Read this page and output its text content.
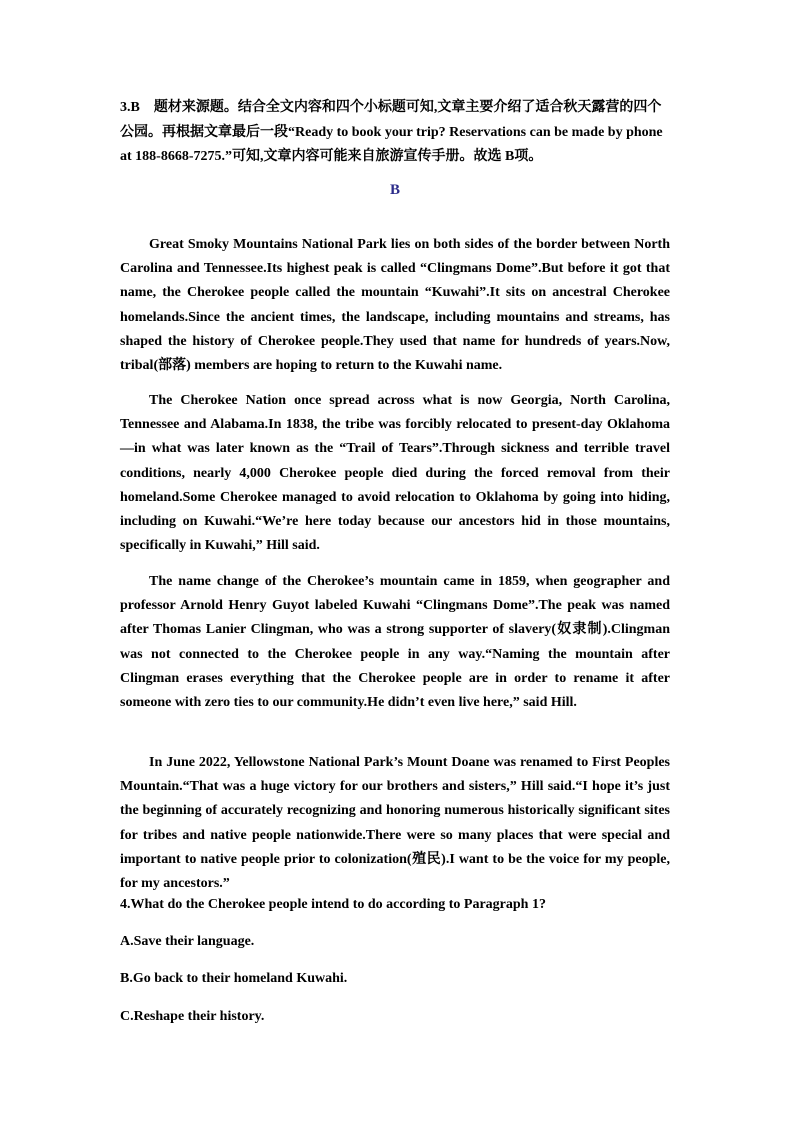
3.B　题材来源题。结合全文内容和四个小标题可知,文章主要介绍了适合秋天露营的四个公园。再根据文章最后一段“Ready to book your trip? Reservations can be made by phone at 188-8668-7275.”可知,文章内容可能来自旅游宣传手册。故选 B项。
B

Great Smoky Mountains National Park lies on both sides of the border between North Carolina and Tennessee.Its highest peak is called “Clingmans Dome”.But before it got that name, the Cherokee people called the mountain “Kuwahi”.It sits on ancestral Cherokee homelands.Since the ancient times, the landscape, including mountains and streams, has shaped the history of Cherokee people.They used that name for hundreds of years.Now, tribal(部落) members are hoping to return to the Kuwahi name.

The Cherokee Nation once spread across what is now Georgia, North Carolina, Tennessee and Alabama.In 1838, the tribe was forcibly relocated to present-day Oklahoma—in what was later known as the “Trail of Tears”.Through sickness and terrible travel conditions, nearly 4,000 Cherokee people died during the forced removal from their homeland.Some Cherokee managed to avoid relocation to Oklahoma by going into hiding, including on Kuwahi.“We’re here today because our ancestors hid in those mountains, specifically in Kuwahi,” Hill said.

The name change of the Cherokee’s mountain came in 1859, when geographer and professor Arnold Henry Guyot labeled Kuwahi “Clingmans Dome”.The peak was named after Thomas Lanier Clingman, who was a strong supporter of slavery(奴隶制).Clingman was not connected to the Cherokee people in any way.“Naming the mountain after Clingman erases everything that the Cherokee people are in order to rename it after someone with zero ties to our community.He didn’t even live here,” said Hill.

In June 2022, Yellowstone National Park’s Mount Doane was renamed to First Peoples Mountain.“That was a huge victory for our brothers and sisters,” Hill said.“I hope it’s just the beginning of accurately recognizing and honoring numerous historically significant sites for tribes and native people nationwide.There were so many places that were special and important to native people prior to colonization(殖民).I want to be the voice for my people, for my ancestors.”

4.What do the Cherokee people intend to do according to Paragraph 1?
A.Save their language.
B.Go back to their homeland Kuwahi.
C.Reshape their history.
